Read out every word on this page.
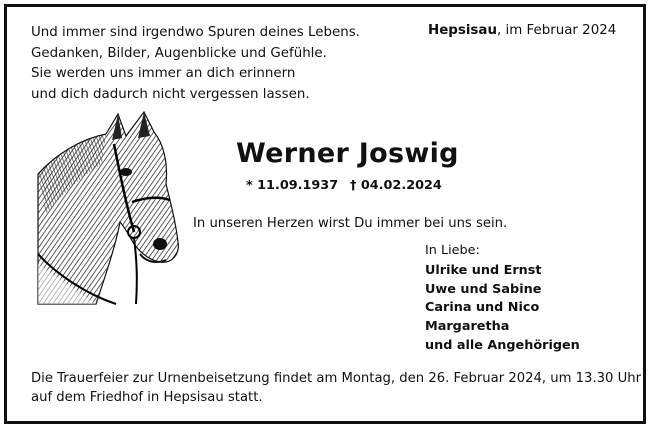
Und immer sind irgendwo Spuren deines Lebens.
Gedanken, Bilder, Augenblicke und Gefühle.
Sie werden uns immer an dich erinnern
und dich dadurch nicht vergessen lassen.
Hepsisau, im Februar 2024
Werner Joswig
* 11.09.1937 † 04.02.2024
In unseren Herzen wirst Du immer bei uns sein.
In Liebe:
Ulrike und Ernst
Uwe und Sabine
Carina und Nico
Margaretha
und alle Angehörigen
Die Trauerfeier zur Urnenbeisetzung findet am Montag, den 26. Februar 2024, um 13.30 Uhr
auf dem Friedhof in Hepsisau statt.
